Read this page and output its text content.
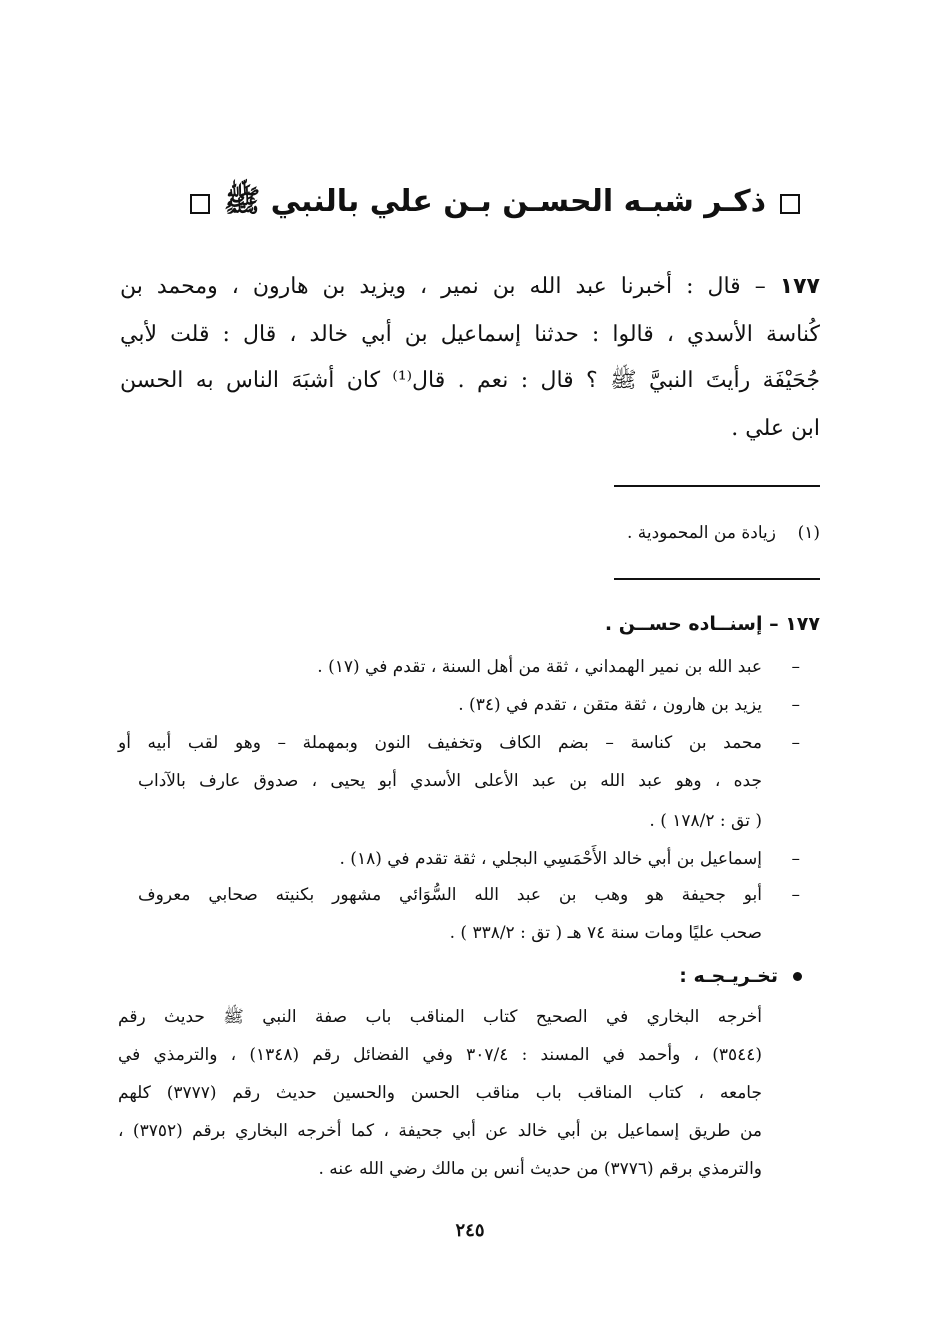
ذكـر شبـه الحسـن بـن علي بالنبي ﷺ
١٧٧ – قال : أخبرنا عبد الله بن نمير ، ويزيد بن هارون ، ومحمد بن
كُناسة الأسدي ، قالوا : حدثنا إسماعيل بن أبي خالد ، قال : قلت لأبي
جُحَيْفَة رأيتَ النبيَّ ﷺ ؟ قال : نعم . قال⁽¹⁾ كان أشبَهَ الناس به الحسن
ابن علي .
(١)    زيادة من المحمودية .
١٧٧ – إسنــاده حســن .
–
عبد الله بن نمير الهمداني ، ثقة من أهل السنة ، تقدم في (١٧) .
–
يزيد بن هارون ، ثقة متقن ، تقدم في (٣٤) .
–
محمد بن كناسة – بضم الكاف وتخفيف النون وبمهملة – وهو لقب أبيه أو
جده ، وهو عبد الله بن عبد الأعلى الأسدي أبو يحيى ، صدوق عارف بالآداب
( تق : ١٧٨/٢ ) .
–
إسماعيل بن أبي خالد الأَحْمَسِي البجلي ، ثقة تقدم في (١٨) .
–
أبو جحيفة هو وهب بن عبد الله السُّوَائي مشهور بكنيته صحابي معروف
صحب عليًا ومات سنة ٧٤ هـ ( تق : ٣٣٨/٢ ) .
تخـريـجـه :
أخرجه البخاري في الصحيح كتاب المناقب باب صفة النبي ﷺ حديث رقم
(٣٥٤٤) ، وأحمد في المسند : ٣٠٧/٤ وفي الفضائل رقم (١٣٤٨) ، والترمذي في
جامعه ، كتاب المناقب باب مناقب الحسن والحسين حديث رقم (٣٧٧٧) كلهم
من طريق إسماعيل بن أبي خالد عن أبي جحيفة ، كما أخرجه البخاري برقم (٣٧٥٢) ،
والترمذي برقم (٣٧٧٦) من حديث أنس بن مالك رضي الله عنه .
٢٤٥
